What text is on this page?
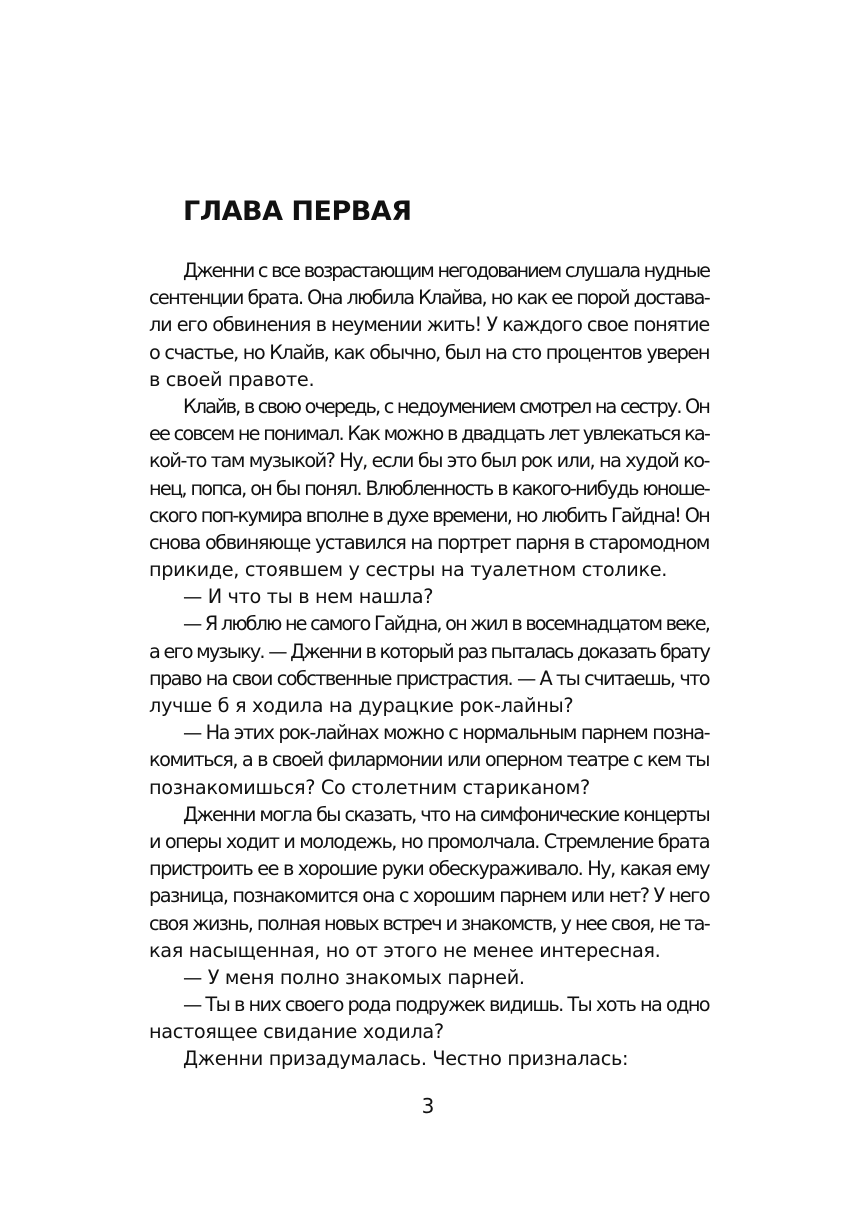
ГЛАВА ПЕРВАЯ
Дженни с все возрастающим негодованием слушала нудные
сентенции брата. Она любила Клайва, но как ее порой достава-
ли его обвинения в неумении жить! У каждого свое понятие
о счастье, но Клайв, как обычно, был на сто процентов уверен
в своей правоте.
Клайв, в свою очередь, с недоумением смотрел на сестру. Он
ее совсем не понимал. Как можно в двадцать лет увлекаться ка-
кой-то там музыкой? Ну, если бы это был рок или, на худой ко-
нец, попса, он бы понял. Влюбленность в какого-нибудь юноше-
ского поп-кумира вполне в духе времени, но любить Гайдна! Он
снова обвиняюще уставился на портрет парня в старомодном
прикиде, стоявшем у сестры на туалетном столике.
— И что ты в нем нашла?
— Я люблю не самого Гайдна, он жил в восемнадцатом веке,
а его музыку. — Дженни в который раз пыталась доказать брату
право на свои собственные пристрастия. — А ты считаешь, что
лучше б я ходила на дурацкие рок-лайны?
— На этих рок-лайнах можно с нормальным парнем позна-
комиться, а в своей филармонии или оперном театре с кем ты
познакомишься? Со столетним стариканом?
Дженни могла бы сказать, что на симфонические концерты
и оперы ходит и молодежь, но промолчала. Стремление брата
пристроить ее в хорошие руки обескураживало. Ну, какая ему
разница, познакомится она с хорошим парнем или нет? У него
своя жизнь, полная новых встреч и знакомств, у нее своя, не та-
кая насыщенная, но от этого не менее интересная.
— У меня полно знакомых парней.
— Ты в них своего рода подружек видишь. Ты хоть на одно
настоящее свидание ходила?
Дженни призадумалась. Честно призналась:
3
